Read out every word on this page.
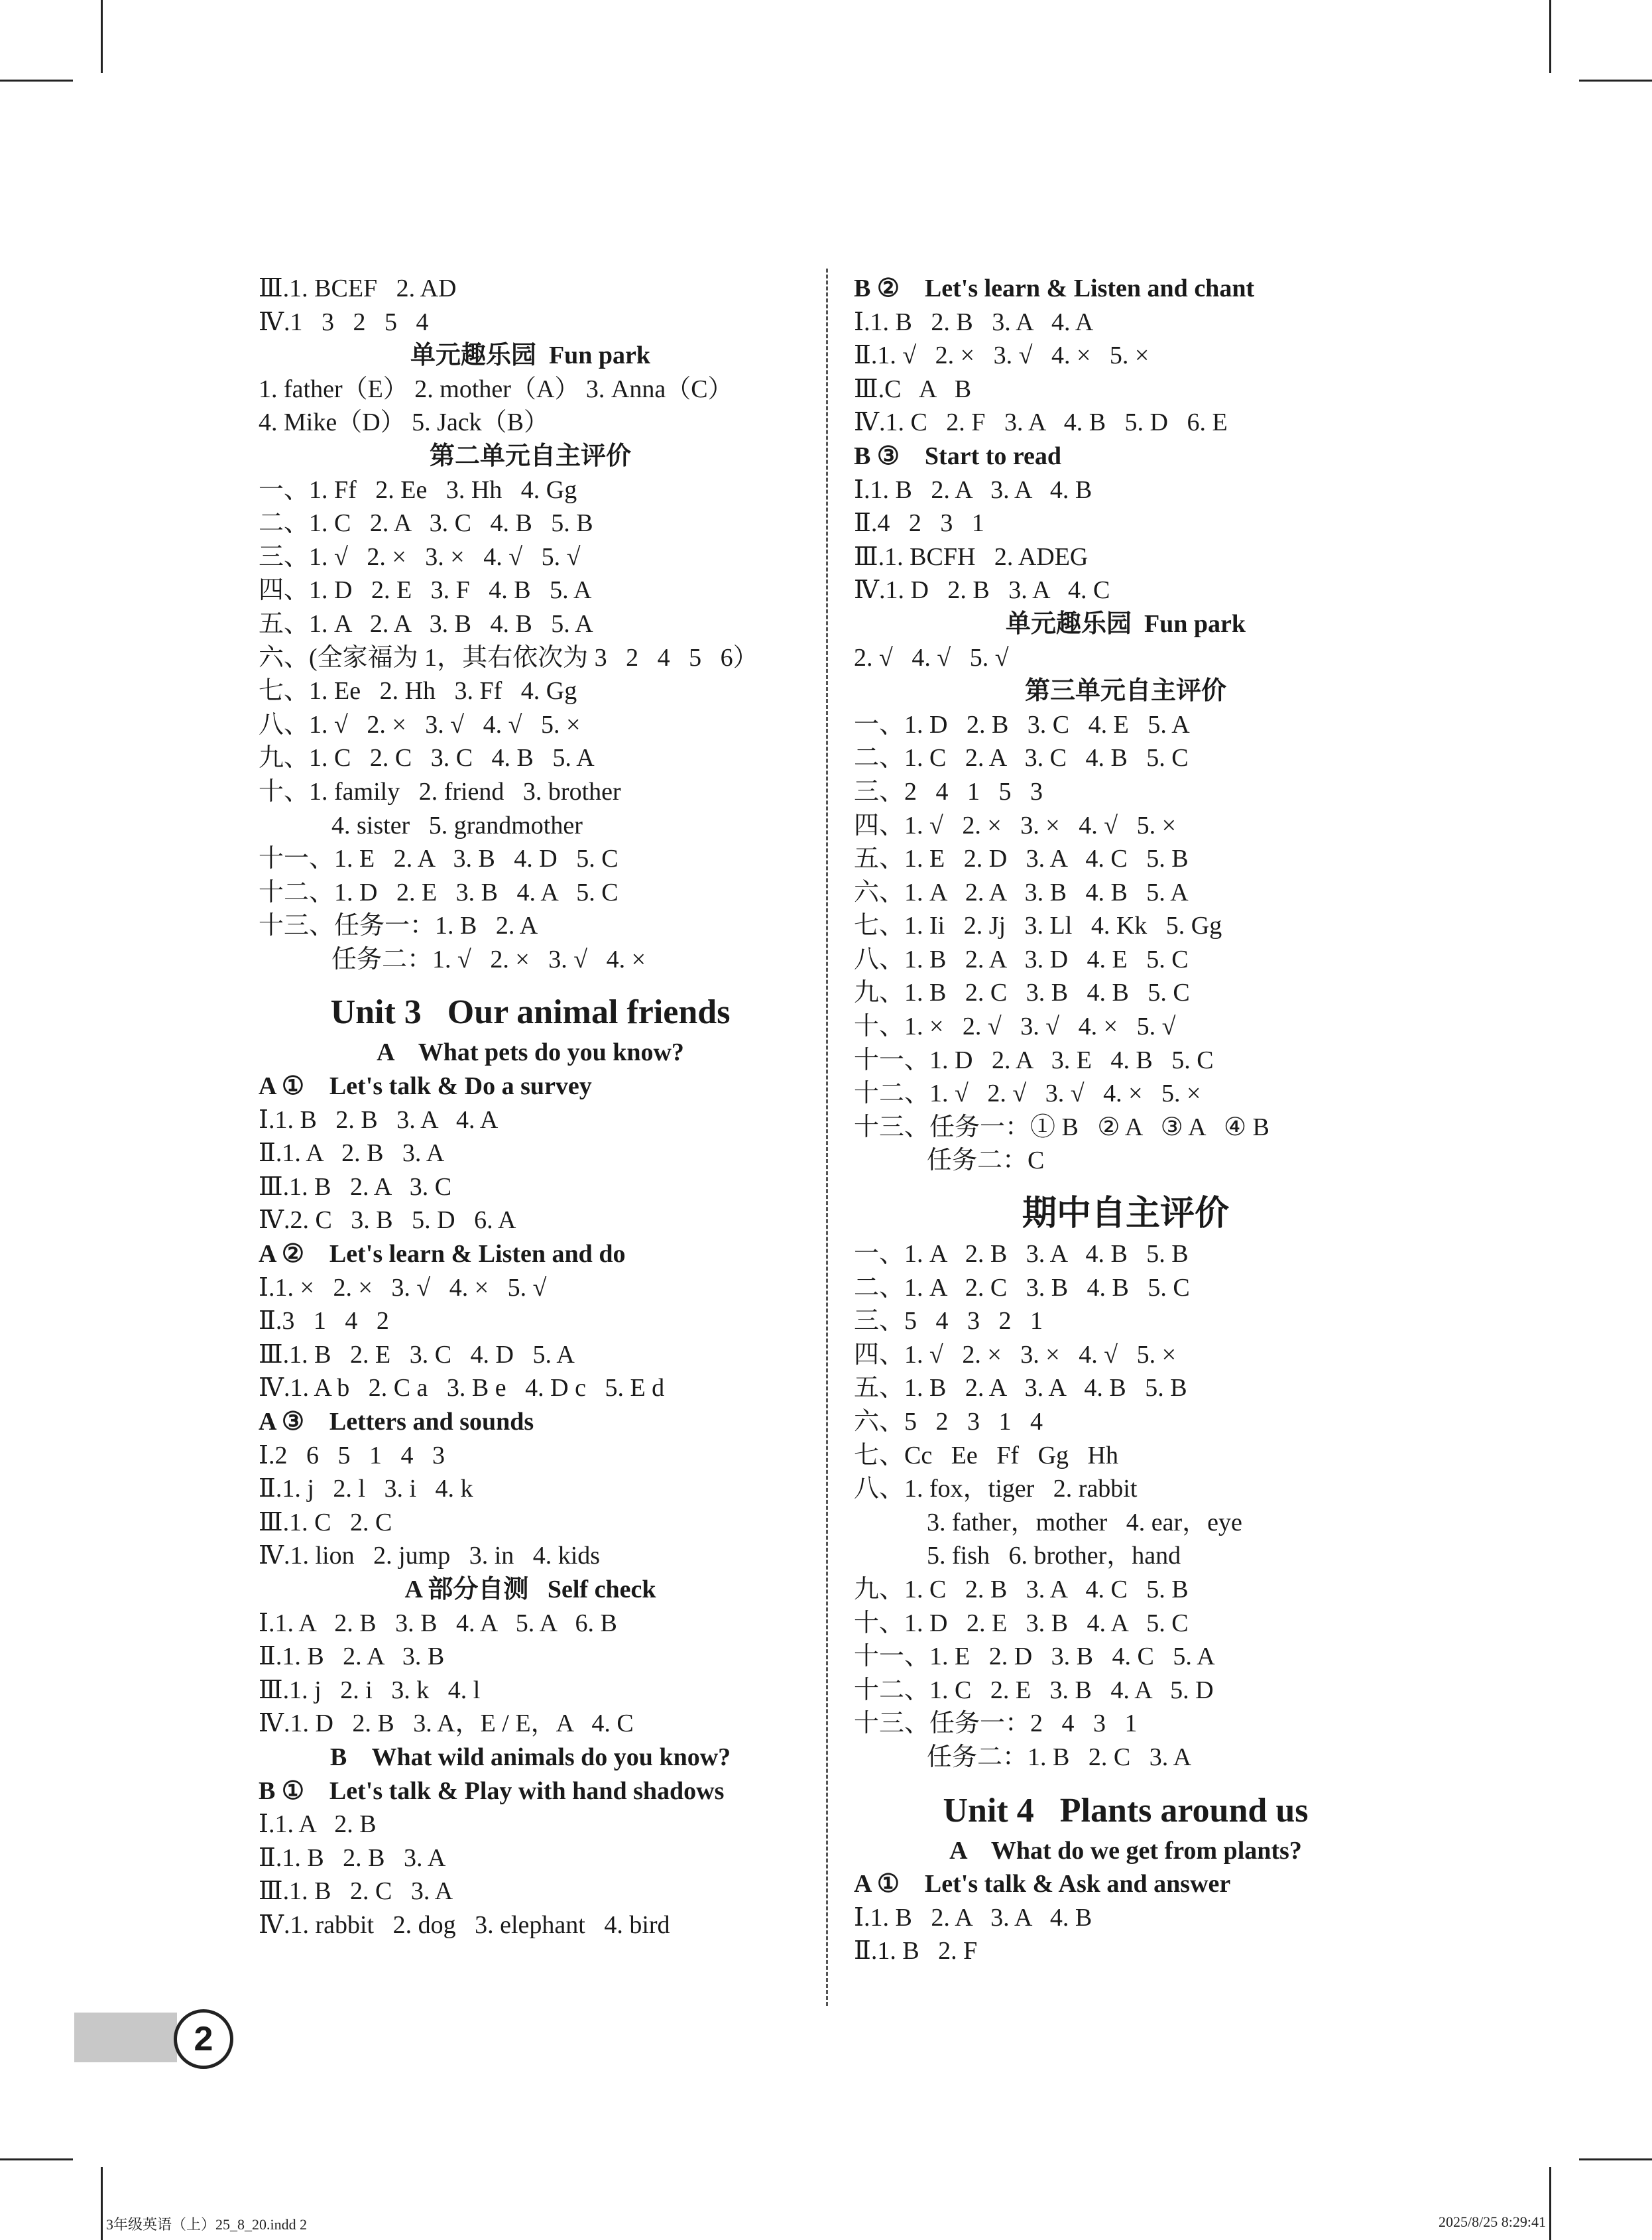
Ⅲ.1. BCEF   2. AD
Ⅳ.1   3   2   5   4
单元趣乐园  Fun park
1. father（E） 2. mother（A） 3. Anna（C）
4. Mike（D） 5. Jack（B）
第二单元自主评价
一、1. Ff   2. Ee   3. Hh   4. Gg
二、1. C   2. A   3. C   4. B   5. B
三、1. √   2. ×   3. ×   4. √   5. √
四、1. D   2. E   3. F   4. B   5. A
五、1. A   2. A   3. B   4. B   5. A
六、(全家福为 1，其右依次为 3   2   4   5   6）
七、1. Ee   2. Hh   3. Ff   4. Gg
八、1. √   2. ×   3. √   4. √   5. ×
九、1. C   2. C   3. C   4. B   5. A
十、1. family   2. friend   3. brother
4. sister   5. grandmother
十一、1. E   2. A   3. B   4. D   5. C
十二、1. D   2. E   3. B   4. A   5. C
十三、任务一：1. B   2. A
任务二：1. √   2. ×   3. √   4. ×
Unit 3   Our animal friends
A    What pets do you know?
A ①    Let's talk & Do a survey
Ⅰ.1. B   2. B   3. A   4. A
Ⅱ.1. A   2. B   3. A
Ⅲ.1. B   2. A   3. C
Ⅳ.2. C   3. B   5. D   6. A
A ②    Let's learn & Listen and do
Ⅰ.1. ×   2. ×   3. √   4. ×   5. √
Ⅱ.3   1   4   2
Ⅲ.1. B   2. E   3. C   4. D   5. A
Ⅳ.1. A b   2. C a   3. B e   4. D c   5. E d
A ③    Letters and sounds
Ⅰ.2   6   5   1   4   3
Ⅱ.1. j   2. l   3. i   4. k
Ⅲ.1. C   2. C
Ⅳ.1. lion   2. jump   3. in   4. kids
A 部分自测   Self check
Ⅰ.1. A   2. B   3. B   4. A   5. A   6. B
Ⅱ.1. B   2. A   3. B
Ⅲ.1. j   2. i   3. k   4. l
Ⅳ.1. D   2. B   3. A，E / E，A   4. C
B    What wild animals do you know?
B ①    Let's talk & Play with hand shadows
Ⅰ.1. A   2. B
Ⅱ.1. B   2. B   3. A
Ⅲ.1. B   2. C   3. A
Ⅳ.1. rabbit   2. dog   3. elephant   4. bird
B ②    Let's learn & Listen and chant
Ⅰ.1. B   2. B   3. A   4. A
Ⅱ.1. √   2. ×   3. √   4. ×   5. ×
Ⅲ.C   A   B
Ⅳ.1. C   2. F   3. A   4. B   5. D   6. E
B ③    Start to read
Ⅰ.1. B   2. A   3. A   4. B
Ⅱ.4   2   3   1
Ⅲ.1. BCFH   2. ADEG
Ⅳ.1. D   2. B   3. A   4. C
单元趣乐园  Fun park
2. √   4. √   5. √
第三单元自主评价
一、1. D   2. B   3. C   4. E   5. A
二、1. C   2. A   3. C   4. B   5. C
三、2   4   1   5   3
四、1. √   2. ×   3. ×   4. √   5. ×
五、1. E   2. D   3. A   4. C   5. B
六、1. A   2. A   3. B   4. B   5. A
七、1. Ii   2. Jj   3. Ll   4. Kk   5. Gg
八、1. B   2. A   3. D   4. E   5. C
九、1. B   2. C   3. B   4. B   5. C
十、1. ×   2. √   3. √   4. ×   5. √
十一、1. D   2. A   3. E   4. B   5. C
十二、1. √   2. √   3. √   4. ×   5. ×
十三、任务一：① B   ② A   ③ A   ④ B
任务二：C
期中自主评价
一、1. A   2. B   3. A   4. B   5. B
二、1. A   2. C   3. B   4. B   5. C
三、5   4   3   2   1
四、1. √   2. ×   3. ×   4. √   5. ×
五、1. B   2. A   3. A   4. B   5. B
六、5   2   3   1   4
七、Cc   Ee   Ff   Gg   Hh
八、1. fox，tiger   2. rabbit
3. father，mother   4. ear，eye
5. fish   6. brother，hand
九、1. C   2. B   3. A   4. C   5. B
十、1. D   2. E   3. B   4. A   5. C
十一、1. E   2. D   3. B   4. C   5. A
十二、1. C   2. E   3. B   4. A   5. D
十三、任务一：2   4   3   1
任务二：1. B   2. C   3. A
Unit 4   Plants around us
A    What do we get from plants?
A ①    Let's talk & Ask and answer
Ⅰ.1. B   2. A   3. A   4. B
Ⅱ.1. B   2. F
2
3年级英语（上）25_8_20.indd 2	2025/8/25 8:29:41
